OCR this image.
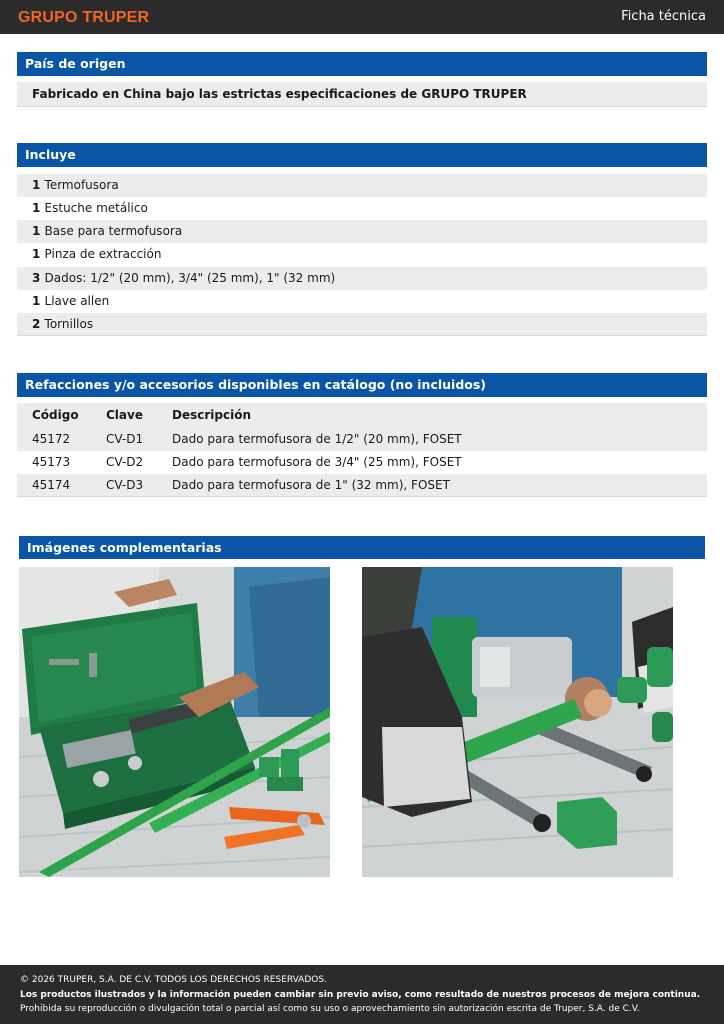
GRUPO TRUPER	Ficha técnica
País de origen
Fabricado en China bajo las estrictas especificaciones de GRUPO TRUPER
Incluye
1 Termofusora
1 Estuche metálico
1 Base para termofusora
1 Pinza de extracción
3 Dados: 1/2" (20 mm), 3/4" (25 mm), 1" (32 mm)
1 Llave allen
2 Tornillos
Refacciones y/o accesorios disponibles en catálogo (no incluidos)
Código Clave Descripción
45172	CV-D1 Dado para termofusora de 1/2" (20 mm), FOSET
45173	CV-D2 Dado para termofusora de 3/4" (25 mm), FOSET
45174	CV-D3 Dado para termofusora de 1" (32 mm), FOSET
Imágenes complementarias
© 2026 TRUPER, S.A. DE C.V. TODOS LOS DERECHOS RESERVADOS.
Los productos ilustrados y la información pueden cambiar sin previo aviso, como resultado de nuestros procesos de mejora continua.
Prohibida su reproducción o divulgación total o parcial así como su uso o aprovechamiento sin autorización escrita de Truper, S.A. de C.V.
